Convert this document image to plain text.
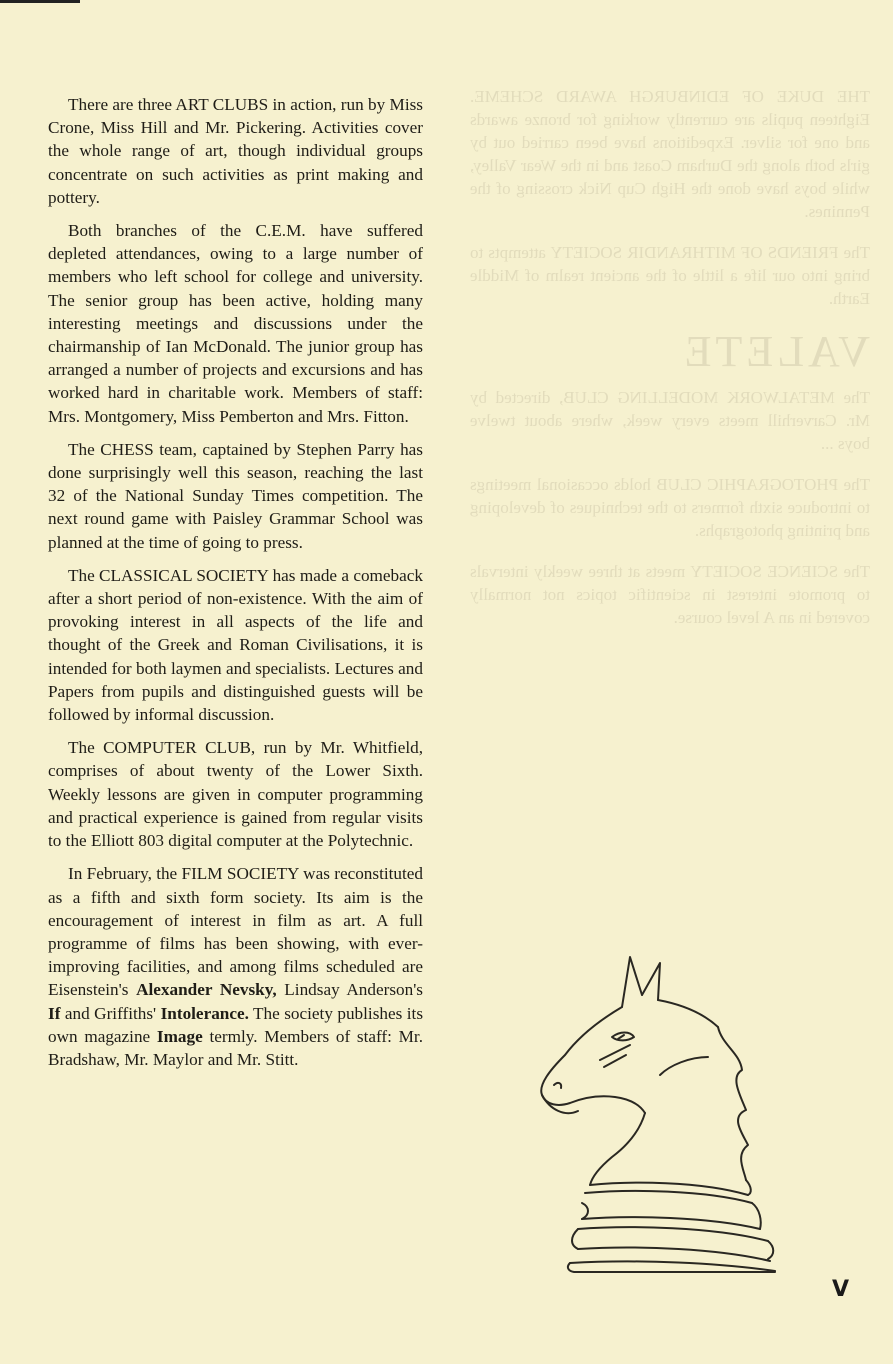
THE DUKE OF EDINBURGH AWARD SCHEME. Eighteen pupils are currently working for bronze awards and one for silver. Expeditions have been carried out by girls both along the Durham Coast and in the Wear Valley, while boys have done the High Cup Nick crossing of the Pennines.

The FRIENDS OF MITHRANDIR SOCIETY attempts to bring into our life a little of the ancient realm of Middle Earth.

VALETE

The METALWORK MODELLING CLUB, directed by Mr. Carverhill meets every week, where about twelve boys ...

The PHOTOGRAPHIC CLUB holds occasional meetings to introduce sixth formers to the techniques of developing and printing photographs.

The SCIENCE SOCIETY meets at three weekly intervals to promote interest in scientific topics not normally covered in an A level course.

There are three ART CLUBS in action, run by Miss Crone, Miss Hill and Mr. Pickering. Activities cover the whole range of art, though individual groups concentrate on such activities as print making and pottery.

Both branches of the C.E.M. have suffered depleted attendances, owing to a large number of members who left school for college and university. The senior group has been active, holding many interesting meetings and discussions under the chairmanship of Ian McDonald. The junior group has arranged a number of projects and excursions and has worked hard in charitable work. Members of staff: Mrs. Montgomery, Miss Pemberton and Mrs. Fitton.

The CHESS team, captained by Stephen Parry has done surprisingly well this season, reaching the last 32 of the National Sunday Times competition. The next round game with Paisley Grammar School was planned at the time of going to press.

The CLASSICAL SOCIETY has made a comeback after a short period of non-existence. With the aim of provoking interest in all aspects of the life and thought of the Greek and Roman Civilisations, it is intended for both laymen and specialists. Lectures and Papers from pupils and distinguished guests will be followed by informal discussion.

The COMPUTER CLUB, run by Mr. Whitfield, comprises of about twenty of the Lower Sixth. Weekly lessons are given in computer programming and practical experience is gained from regular visits to the Elliott 803 digital computer at the Polytechnic.

In February, the FILM SOCIETY was reconstituted as a fifth and sixth form society. Its aim is the encouragement of interest in film as art. A full programme of films has been showing, with ever-improving facilities, and among films scheduled are Eisenstein's Alexander Nevsky, Lindsay Anderson's If and Griffiths' Intolerance. The society publishes its own magazine Image termly. Members of staff: Mr. Bradshaw, Mr. Maylor and Mr. Stitt.

V
